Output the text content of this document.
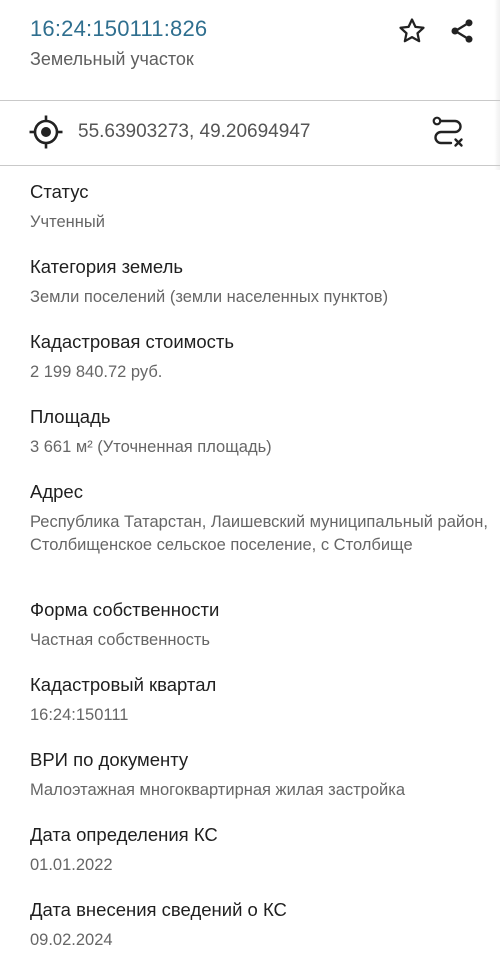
16:24:150111:826
Земельный участок
55.63903273, 49.20694947
Статус
Учтенный
Категория земель
Земли поселений (земли населенных пунктов)
Кадастровая стоимость
2 199 840.72 руб.
Площадь
3 661 м² (Уточненная площадь)
Адрес
Республика Татарстан, Лаишевский муниципальный район, Столбищенское сельское поселение, с Столбище
Форма собственности
Частная собственность
Кадастровый квартал
16:24:150111
ВРИ по документу
Малоэтажная многоквартирная жилая застройка
Дата определения КС
01.01.2022
Дата внесения сведений о КС
09.02.2024
